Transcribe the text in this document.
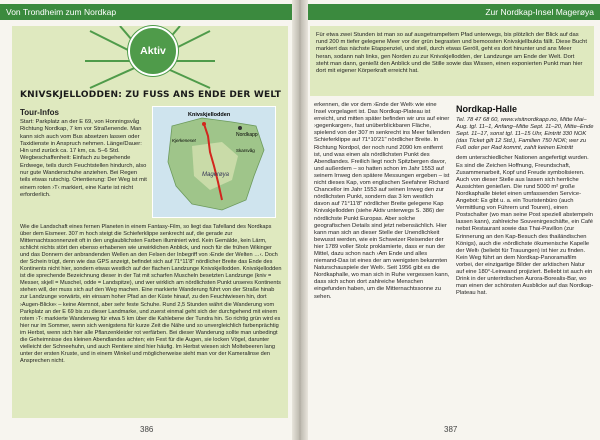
Von Trondheim zum Nordkap
Aktiv
KNIVSKJELLODDEN: ZU FUSS ANS ENDE DER WELT
Tour-Infos
Start: Parkplatz an der E 69, von Honningsvåg Richtung Nordkap, 7 km vor Straßenende. Man kann sich auch vom Bus absetzen lassen oder Taxidienste in Anspruch nehmen. Länge/Dauer: Hin und zurück ca. 17 km, ca. 5–6 Std. Wegbeschaffenheit: Einfach zu begehende Erdwege, teils durch Feuchtstellen hindurch, also nur gute Wanderschuhe anziehen. Bei Regen teils etwas rutschig. Orientierung: Der Weg ist mit einem roten ›T‹ markiert, eine Karte ist nicht erforderlich.
Knivskjellodden
Nordkapp
Kjerkeneset
Skarsvåg
Magerøya
Wie die Landschaft eines fernen Planeten in einem Fantasy-Film, so liegt das Tafelland des Nordkaps über dem Eismeer. 307 m hoch steigt die Schieferklippe senkrecht auf, die gerade zur Mitternachtssonnenzeit oft in den unglaublichsten Farben illuminiert wird. Kein Gemälde, kein Lärm, schlicht nichts stört den ebenso erhabenen wie unwirklichen Anblick, und noch für die frühen Wikinger und das Donnern der anbrandenden Wellen an den Felsen der Inbegriff von ›Ende der Welten …‹. Doch der Schein trügt, denn wie das GPS anzeigt, befindet sich auf 71°11'8" nördlicher Breite das Ende des Kontinents nicht hier, sondern etwas westlich auf der flachen Landzunge Knivskjellodden. Knivskjellodden ist die sprechende Bezeichnung dieser in der Tat mit scharfen Muscheln besetzten Landzunge (kniv = Messer, skjell = Muschel, odde = Landspitze), und wer wirklich am nördlichsten Punkt unseres Kontinents stehen will, der muss sich auf den Weg machen. Eine markierte Wanderung führt von der Straße hinab zur Landzunge vorwärts, ein einsam hoher Pfad an der Küste hinauf, zu den Feuchtwiesen hin, dort ›Augen-Blicke‹ – keine Atemnot, aber sehr feste Schuhe. Rund 2,5 Stunden währt die Wanderung vom Parkplatz an der E 69 bis zu dieser Landmarke, und zuerst einmal geht sich der durchgehend mit einem rotem ›T‹ markierte Wanderweg für etwa 5 km über die Kahlebene der Tundra hin. So richtig grün wird es hier nur im Sommer, wenn sich wenigstens für kurze Zeit die Nähe und so unvergleichlich farbenprächtig im Herbst, wenn sich hier alle Pflanzenkleider rot verfärben. Bei dieser Wanderung sollte man unbedingt die Geheimnisse des kleinen Abendlandes achten; ein Fest für die Augen, sie locken Vögel, darunter vielleicht der Schneehuhn, und auch Rentiere sind hier häufig. Im Herbst wiesen sich Moltebeeren lang unter der ersten Kruste, und in einem Winkel und möglicherweise sieht man vor der Kameralinse den Ansprechen nicht.
386
Zur Nordkap-Insel Magerøya
Für etwa zwei Stunden ist man so auf ausgetrampeltem Pfad unterwegs, bis plötzlich der Blick auf das rund 200 m tiefer gelegene Meer vor der grün begrasten und bemoosten Knivskjellbukta fällt. Diese Bucht markiert das nächste Etappenziel, und steil, durch etwas Geröll, geht es dort hinunter und ans Meer heran, sodann nah links, gen Norden zu zur Knivskjellodden, der Landzunge am Ende der Welt. Dort steht man dann, genießt den Anblick und die Stille sowie das Wissen, einen exponierten Punkt man hier dort mit eigener Körperkraft erreicht hat.
erkennen, die vor dem ›Ende der Welt‹ wie eine Insel vorgelagert ist. Das Nordkap-Plateau ist erreicht, und mitten später befinden wir uns auf einer ›gegenkargen‹, fast unüberblickbaren Fläche, spielend von der 307 m senkrecht ins Meer fallenden Schieferklippe auf 71°10'21" nördlicher Breite. In Richtung Nordpol, der noch rund 2090 km entfernt ist, und was einen als nördlichsten Punkt des Abendlandes. Freilich liegt noch Spitzbergen davor, und außerdem – so hatten schon im Jahr 1553 auf seinem Irrweg den spätere Messungen ergeben – ist nicht dieses Kap, vom englischen Seefahrer Richard Chancellor im Jahr 1553 auf seinen Irrweg den zur nördlichsten Punkt, sondern das 3 km westlich davon auf 71°11'8" nördlicher Breite gelegene Kap Knivskjellodden (siehe Aktiv unterwegs S. 386) der nördlichste Punkt Europas. Aber solche geografischen Details sind jetzt nebensächlich. Hier kann man sich an dieser Stelle der Unendlichkeit bewusst werden, wie ein Schweizer Reisender der hier 1789 voller Stolz proklamierte, dass er nun der Mittel, dazu schon nach ›Am Ende und alles niemand-Das ist eines der am wenigsten bekannten Naturschauspiele der Welt‹. Seit 1956 gibt es die Nordkaphalle, wo man sich in Ruhe vergessen kann, dass sich schon dort zahlreiche Menschen eingefunden haben, um die Mitternachtssonne zu sehen.
Nordkap-Halle
Tel. 78 47 68 60, www.visitnordkapp.no, Mitte Mai–Aug. tgl. 11–1, Anfang–Mitte Sept. 11–20, Mitte–Ende Sept. 11–17, sonst tgl. 11–15 Uhr, Eintritt 330 NOK (das Ticket gilt 12 Std.), Familien 750 NOK; wer zu Fuß oder per Rad kommt, zahlt keinen Eintritt
dem unterschiedlicher Nationen angefertigt wurden. Es sind die Zeichen Hoffnung, Freundschaft, Zusammenarbeit, Kopf und Freude symbolisieren. Auch von dieser Stelle aus lassen sich herrliche Aussichten genießen. Die rund 5000 m² große Nordkaphalle bietet einen umfassenden Service-Angebot: Es gibt u. a. ein Touristenbüro (auch Vermittlung von Führern und Touren), einen Postschalter (wo man seine Post speziell abstempeln lassen kann), zahlreiche Souvenirgeschäfte, ein Café nebst Restaurant sowie das Thai-Pavillon (zur Erinnerung an den Kap-Besuch des thailändischen Königs), auch die ›nördlichste ökumenische Kapelle der Welt‹ (beliebt für Trauungen) ist hier zu finden. Kein Weg führt an dem Nordkap-Panoramafilm vorbei, der einzigartige Bilder der arktischen Natur auf eine 180°-Leinwand projiziert. Beliebt ist auch ein Drink in der unterirdischen Aurora-Borealis-Bar, wo man einen der schönsten Ausblicke auf das Nordkap-Plateau hat.
387
